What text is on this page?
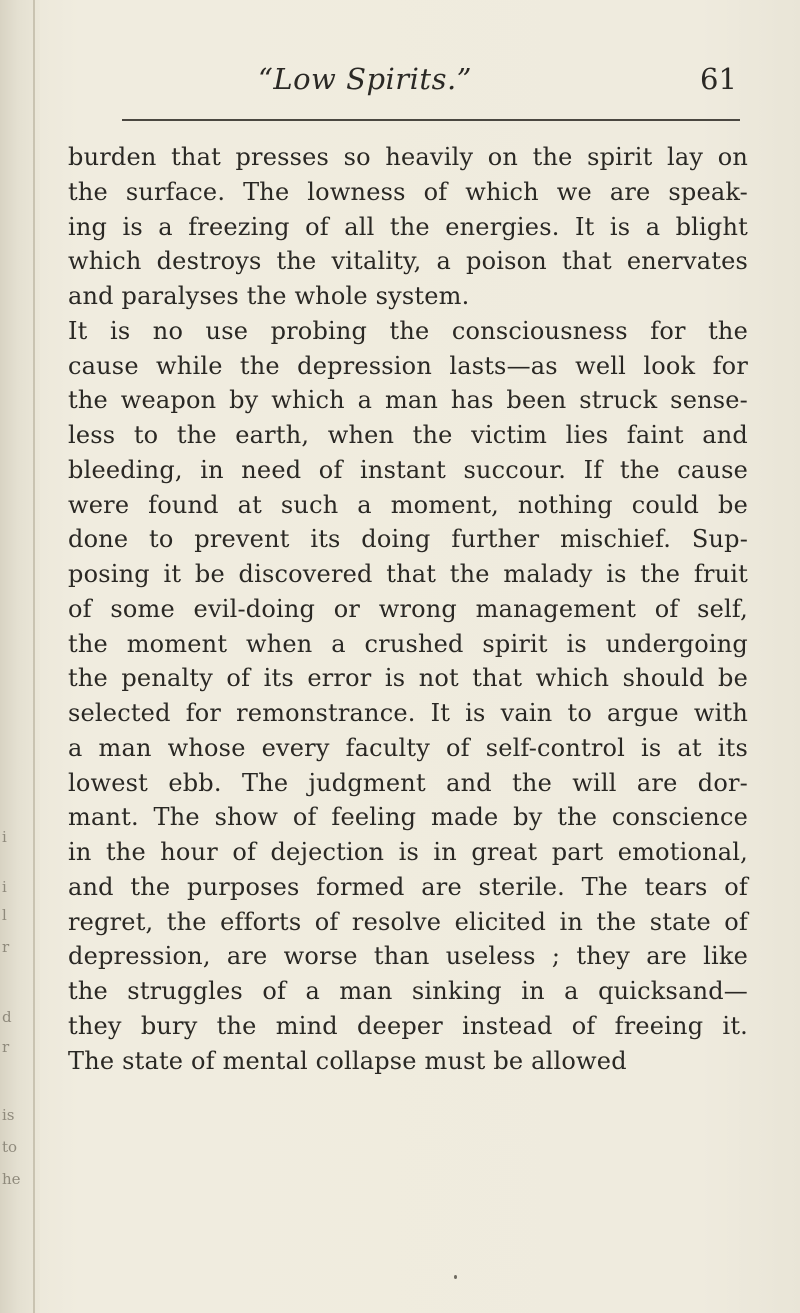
i
i
l
r
d
r
is
to
he
“Low Spirits.”	61
burden that presses so heavily on the spirit lay on
the surface. The lowness of which we are speak-
ing is a freezing of all the energies. It is a blight
which destroys the vitality, a poison that enervates
and paralyses the whole system.
It is no use probing the consciousness for the
cause while the depression lasts—as well look for
the weapon by which a man has been struck sense-
less to the earth, when the victim lies faint and
bleeding, in need of instant succour. If the cause
were found at such a moment, nothing could be
done to prevent its doing further mischief. Sup-
posing it be discovered that the malady is the fruit
of some evil-doing or wrong management of self,
the moment when a crushed spirit is undergoing
the penalty of its error is not that which should be
selected for remonstrance. It is vain to argue with
a man whose every faculty of self-control is at its
lowest ebb. The judgment and the will are dor-
mant. The show of feeling made by the conscience
in the hour of dejection is in great part emotional,
and the purposes formed are sterile. The tears of
regret, the efforts of resolve elicited in the state of
depression, are worse than useless ; they are like
the struggles of a man sinking in a quicksand—
they bury the mind deeper instead of freeing it.
The state of mental collapse must be allowed
